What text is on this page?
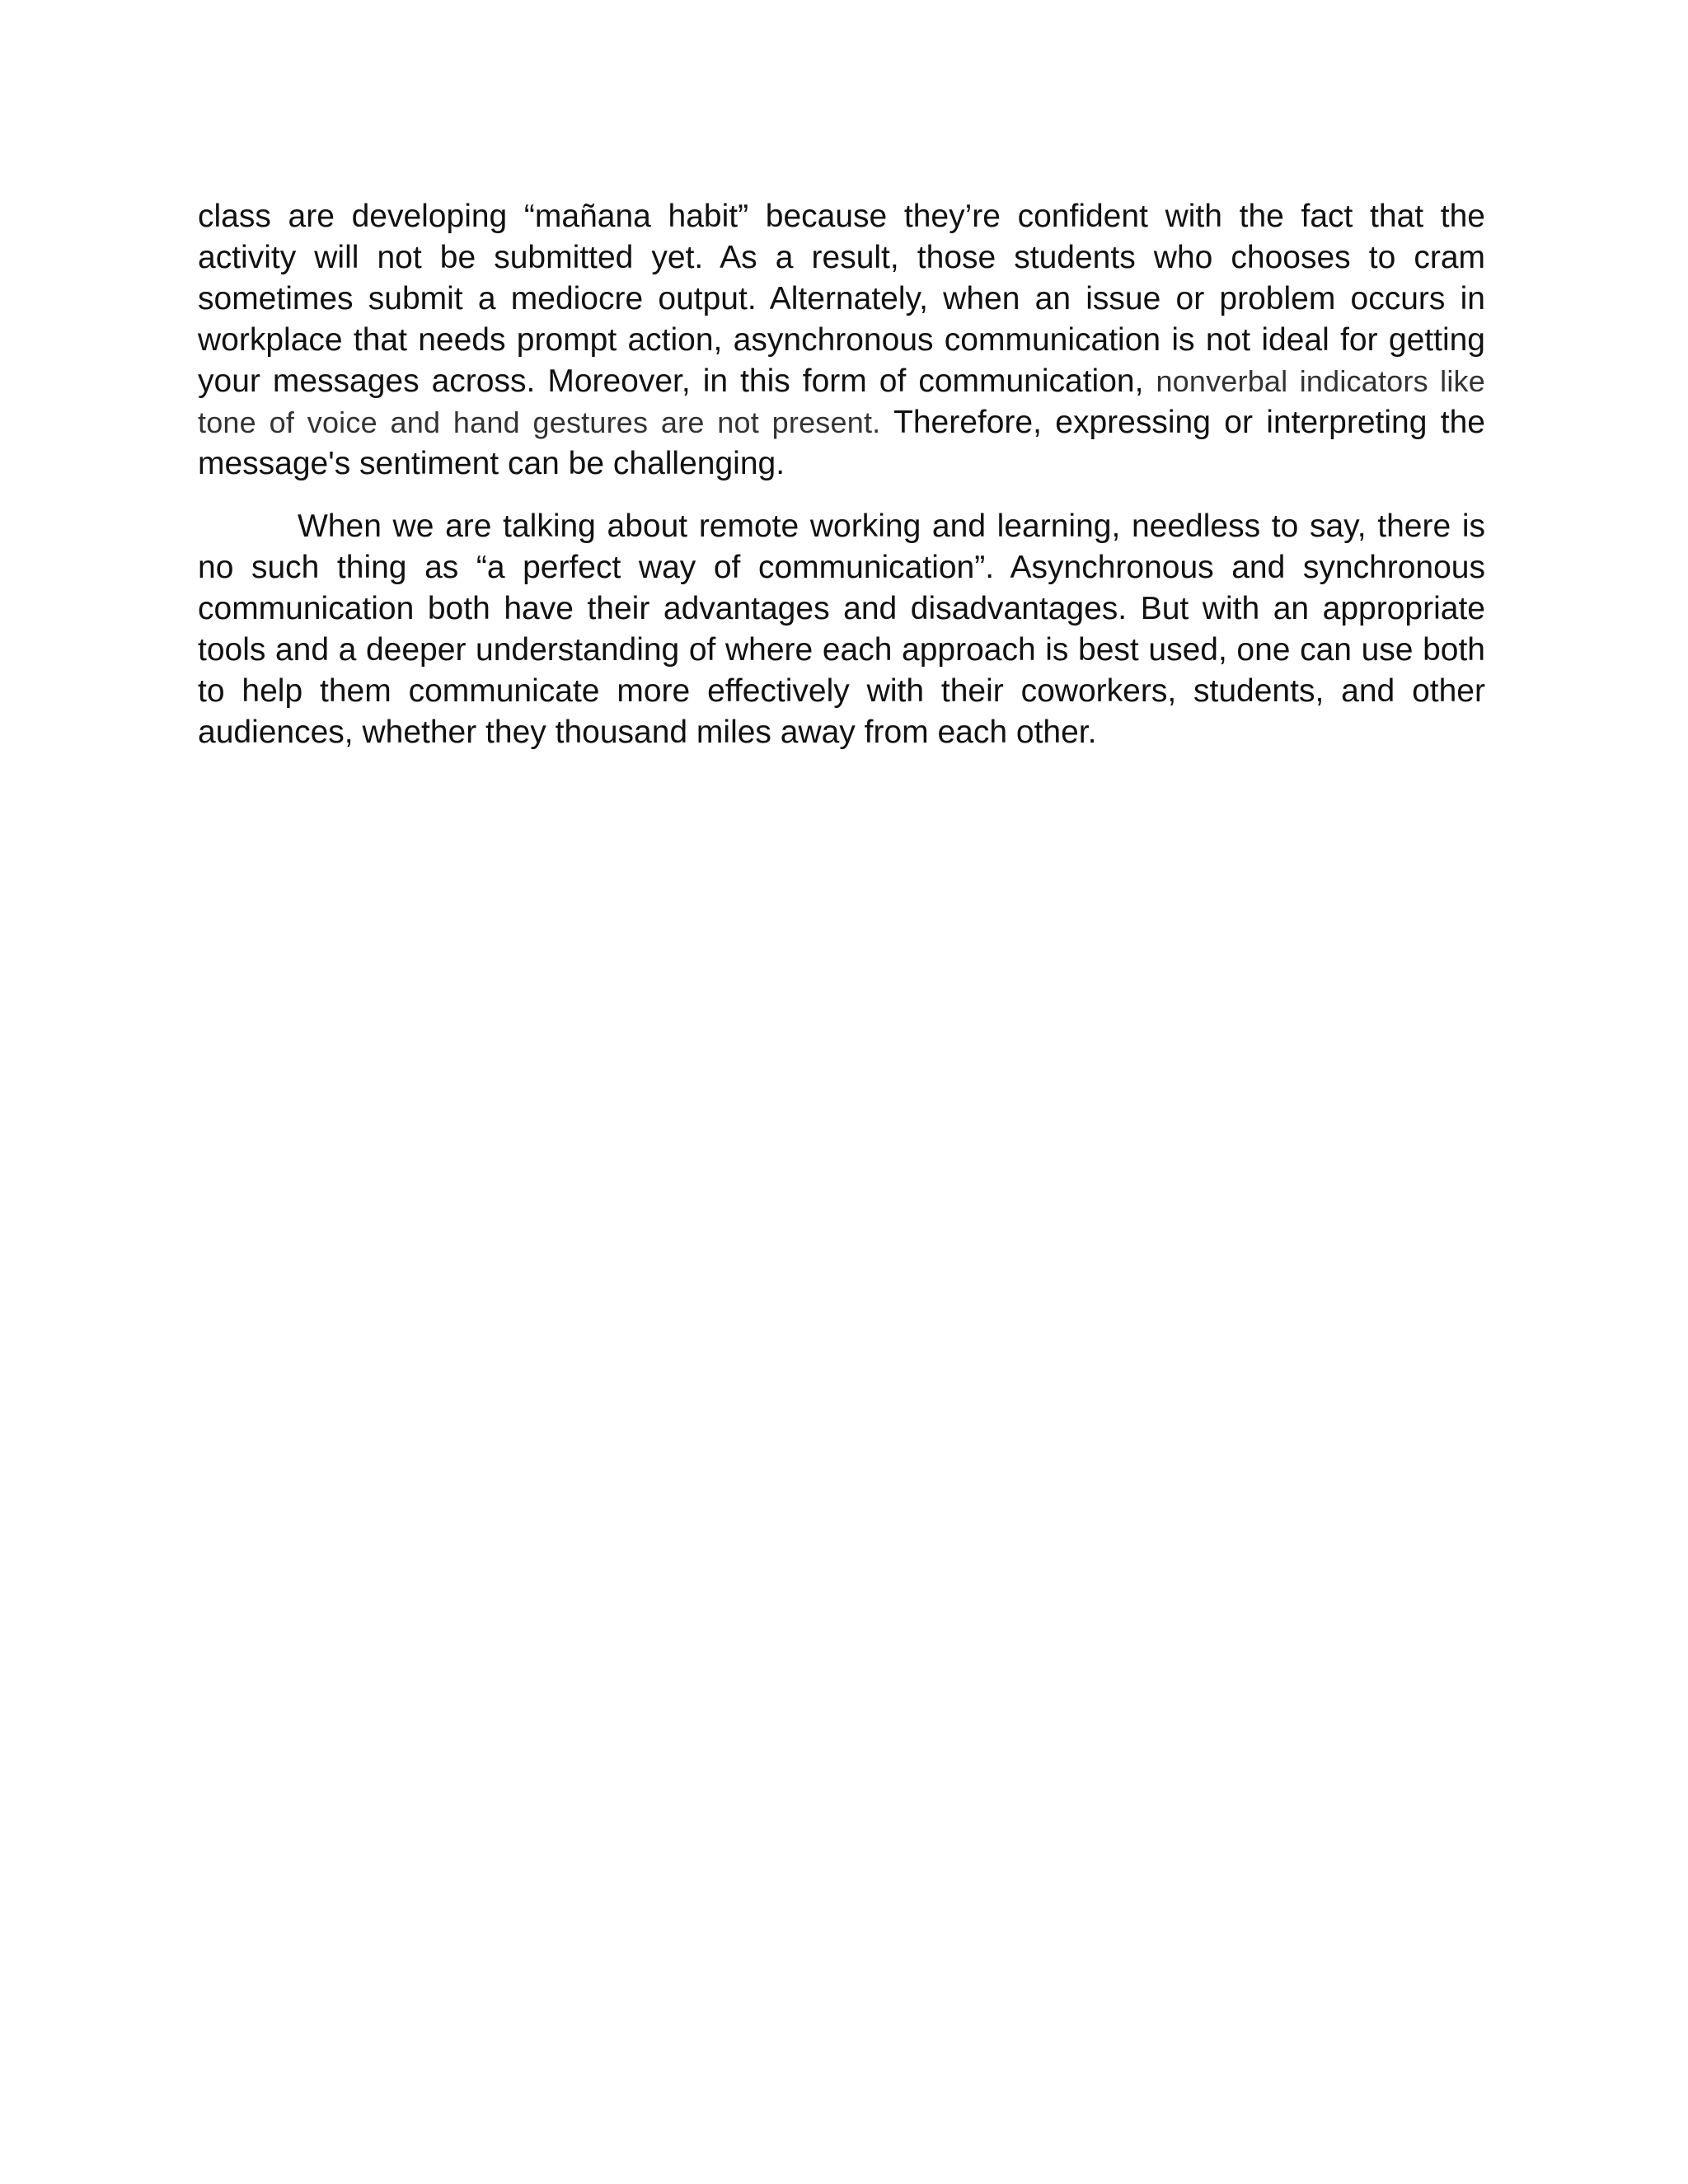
class are developing “mañana habit” because they’re confident with the fact that the activity will not be submitted yet. As a result, those students who chooses to cram sometimes submit a mediocre output. Alternately, when an issue or problem occurs in workplace that needs prompt action, asynchronous communication is not ideal for getting your messages across. Moreover, in this form of communication, nonverbal indicators like tone of voice and hand gestures are not present. Therefore, expressing or interpreting the message's sentiment can be challenging.

When we are talking about remote working and learning, needless to say, there is no such thing as “a perfect way of communication”. Asynchronous and synchronous communication both have their advantages and disadvantages. But with an appropriate tools and a deeper understanding of where each approach is best used, one can use both to help them communicate more effectively with their coworkers, students, and other audiences, whether they thousand miles away from each other.
